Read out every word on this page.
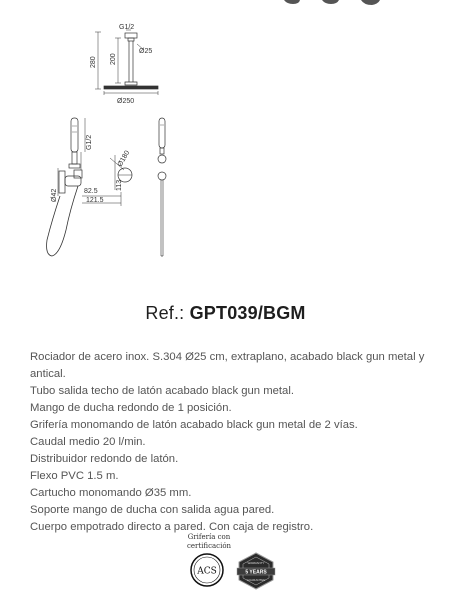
G1/2
Ø25
280 200
Ø250
G1/2
Ø180
Ø42
113
82.5
121.5
Ref.: GPT039/BGM
Rociador de acero inox. S.304 Ø25 cm, extraplano, acabado black gun metal y antical.
Tubo salida techo de latón acabado black gun metal.
Mango de ducha redondo de 1 posición.
Grifería monomando de latón acabado black gun metal de 2 vías.
Caudal medio 20 l/min.
Distribuidor redondo de latón.
Flexo PVC 1.5 m.
Cartucho monomando Ø35 mm.
Soporte mango de ducha con salida agua pared.
Cuerpo empotrado directo a pared. Con caja de registro.
Grifería con certificación
ACS
WARRANTY
5 YEARS
GUARANTEE
